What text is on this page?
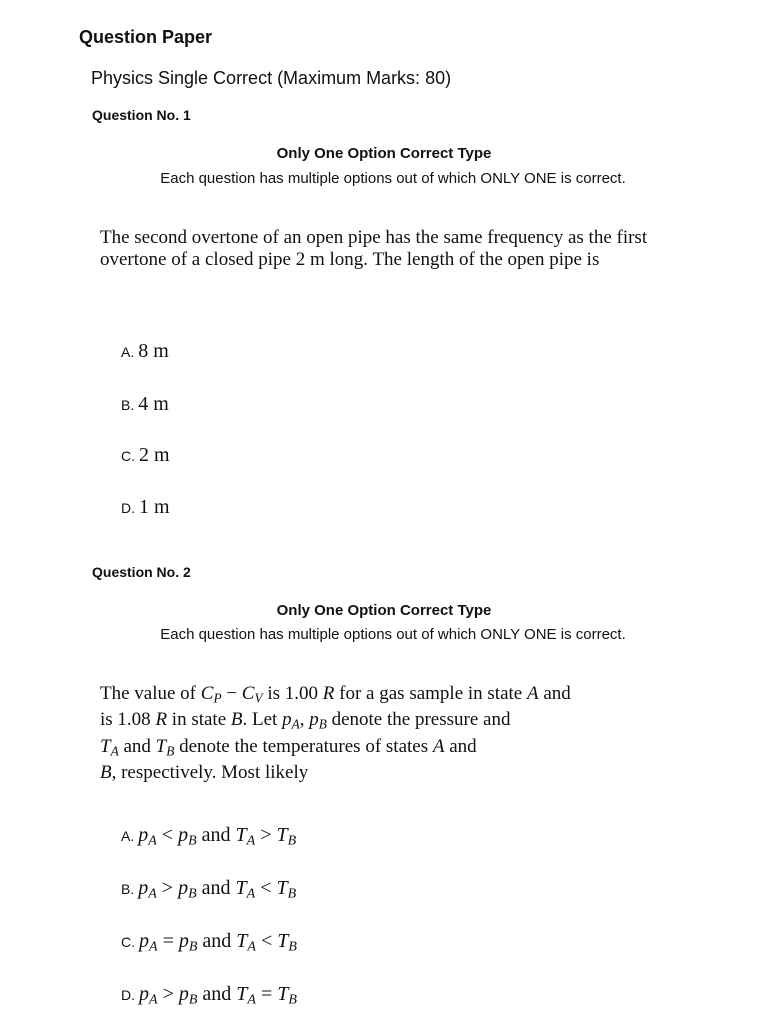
Question Paper
Physics Single Correct (Maximum Marks: 80)
Question No. 1
Only One Option Correct Type
Each question has multiple options out of which ONLY ONE is correct.
The second overtone of an open pipe has the same frequency as the first overtone of a closed pipe 2 m long. The length of the open pipe is
A. 8 m
B. 4 m
C. 2 m
D. 1 m
Question No. 2
Only One Option Correct Type
Each question has multiple options out of which ONLY ONE is correct.
The value of $C_P - C_V$ is 1.00 R for a gas sample in state A and
is 1.08 R in state B. Let $p_A$, $p_B$ denote the pressure and
$T_A$ and $T_B$ denote the temperatures of states A and
B, respectively. Most likely
A. $p_A < p_B$ and $T_A > T_B$
B. $p_A > p_B$ and $T_A < T_B$
C. $p_A = p_B$ and $T_A < T_B$
D. $p_A > p_B$ and $T_A = T_B$
